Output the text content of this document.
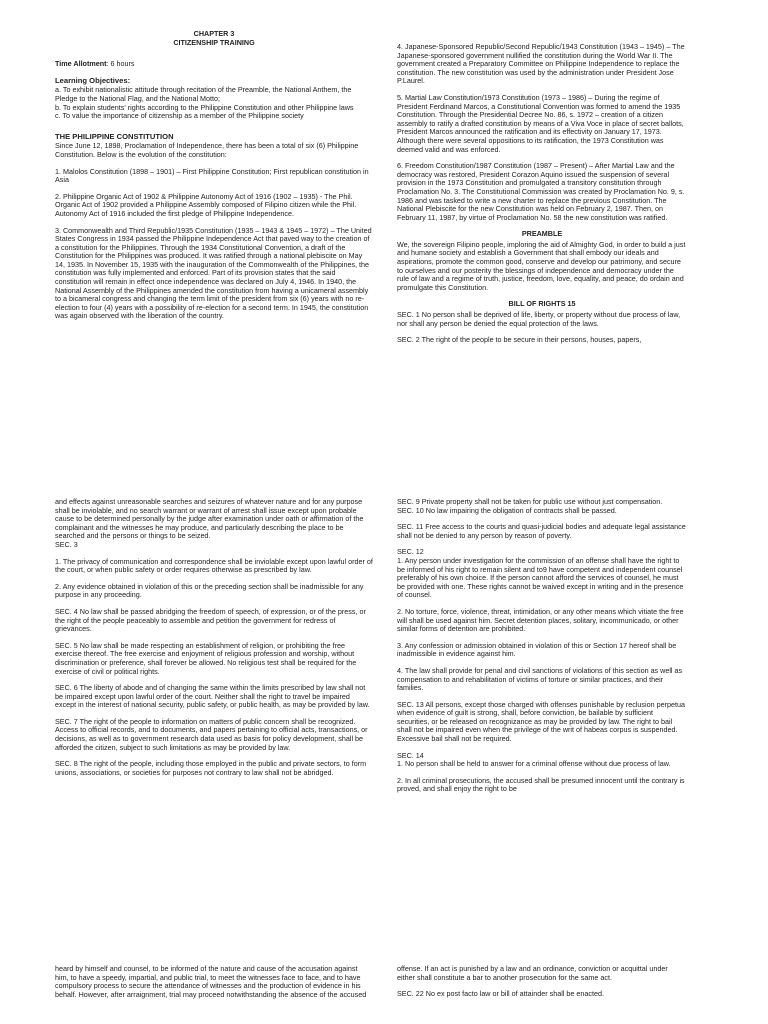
CHAPTER 3
CITIZENSHIP TRAINING
Time Allotment: 6 hours
Learning Objectives:
a. To exhibit nationalistic attitude through recitation of the Preamble, the National Anthem, the Pledge to the National Flag, and the National Motto;
b. To explain students' rights according to the Philippine Constitution and other Philippine laws
c. To value the importance of citizenship as a member of the Philippine society
THE PHILIPPINE CONSTITUTION

Since June 12, 1898, Proclamation of Independence, there has been a total of six (6) Philippine Constitution. Below is the evolution of the constitution:

1. Malolos Constitution (1898 – 1901) – First Philippine Constitution; First republican constitution in Asia

2. Philippine Organic Act of 1902 & Philippine Autonomy Act of 1916 (1902 – 1935) - The Phil. Organic Act of 1902 provided a Philippine Assembly composed of Filipino citizen while the Phil. Autonomy Act of 1916 included the first pledge of Philippine Independence.

3. Commonwealth and Third Republic/1935 Constitution (1935 – 1943 & 1945 – 1972) – The United States Congress in 1934 passed the Philippine Independence Act that paved way to the creation of a constitution for the Philippines. Through the 1934 Constitutional Convention, a draft of the Constitution for the Philippines was produced. It was ratified through a national plebiscite on May 14, 1935. In November 15, 1935 with the inauguration of the Commonwealth of the Philippines, the constitution was fully implemented and enforced. Part of its provision states that the said constitution will remain in effect once independence was declared on July 4, 1946. In 1940, the National Assembly of the Philippines amended the constitution from having a unicameral assembly to a bicameral congress and changing the term limit of the president from six (6) years with no re- election to four (4) years with a possibility of re-election for a second term. In 1945, the constitution was again observed with the liberation of the country.

4. Japanese-Sponsored Republic/Second Republic/1943 Constitution (1943 – 1945) – The Japanese-sponsored government nullified the constitution during the World War II. The government created a Preparatory Committee on Philippine Independence to replace the constitution. The new constitution was used by the administration under President Jose P.Laurel.

5. Martial Law Constitution/1973 Constitution (1973 – 1986) – During the regime of President Ferdinand Marcos, a Constitutional Convention was formed to amend the 1935 Constitution. Through the Presidential Decree No. 86, s. 1972 – creation of a citizen assembly to ratify a drafted constitution by means of a Viva Voce in place of secret ballots, President Marcos announced the ratification and its effectivity on January 17, 1973. Although there were several oppositions to its ratification, the 1973 Constitution was deemed valid and was enforced.

6. Freedom Constitution/1987 Constitution (1987 – Present) – After Martial Law and the democracy was restored, President Corazon Aquino issued the suspension of several provision in the 1973 Constitution and promulgated a transitory constitution through Proclamation No. 3. The Constitutional Commission was created by Proclamation No. 9, s. 1986 and was tasked to write a new charter to replace the previous Constitution. The National Plebiscite for the new Constitution was held on February 2, 1987. Then, on February 11, 1987, by virtue of Proclamation No. 58 the new constitution was ratified.

PREAMBLE

We, the sovereign Filipino people, imploring the aid of Almighty God, in order to build a just and humane society and establish a Government that shall embody our ideals and aspirations, promote the common good, conserve and develop our patrimony, and secure to ourselves and our posterity the blessings of independence and democracy under the rule of law and a regime of truth, justice, freedom, love, equality, and peace, do ordain and promulgate this Constitution.

BILL OF RIGHTS 15

SEC. 1 No person shall be deprived of life, liberty, or property without due process of law, nor shall any person be denied the equal protection of the laws.

SEC. 2 The right of the people to be secure in their persons, houses, papers,

and effects against unreasonable searches and seizures of whatever nature and for any purpose shall be inviolable, and no search warrant or warrant of arrest shall issue except upon probable cause to be determined personally by the judge after examination under oath or affirmation of the complainant and the witnesses he may produce, and particularly describing the place to be searched and the persons or things to be seized.
SEC. 3

1. The privacy of communication and correspondence shall be inviolable except upon lawful order of the court, or when public safety or order requires otherwise as prescribed by law.

2. Any evidence obtained in violation of this or the preceding section shall be inadmissible for any purpose in any proceeding.

SEC. 4 No law shall be passed abridging the freedom of speech, of expression, or of the press, or the right of the people peaceably to assemble and petition the government for redress of grievances.

SEC. 5 No law shall be made respecting an establishment of religion, or prohibiting the free exercise thereof. The free exercise and enjoyment of religious profession and worship, without discrimination or preference, shall forever be allowed. No religious test shall be required for the exercise of civil or political rights.

SEC. 6 The liberty of abode and of changing the same within the limits prescribed by law shall not be impaired except upon lawful order of the court. Neither shall the right to travel be impaired except in the interest of national security, public safety, or public health, as may be provided by law.

SEC. 7 The right of the people to information on matters of public concern shall be recognized. Access to official records, and to documents, and papers pertaining to official acts, transactions, or decisions, as well as to government research data used as basis for policy development, shall be afforded the citizen, subject to such limitations as may be provided by law.

SEC. 8 The right of the people, including those employed in the public and private sectors, to form unions, associations, or societies for purposes not contrary to law shall not be abridged.

SEC. 9 Private property shall not be taken for public use without just compensation.
SEC. 10 No law impairing the obligation of contracts shall be passed.

SEC. 11 Free access to the courts and quasi-judicial bodies and adequate legal assistance shall not be denied to any person by reason of poverty.

SEC. 12
1. Any person under investigation for the commission of an offense shall have the right to be informed of his right to remain silent and to9 have competent and independent counsel preferably of his own choice. If the person cannot afford the services of counsel, he must be provided with one. These rights cannot be waived except in writing and in the presence of counsel.

2. No torture, force, violence, threat, intimidation, or any other means which vitiate the free will shall be used against him. Secret detention places, solitary, incommunicado, or other similar forms of detention are prohibited.

3. Any confession or admission obtained in violation of this or Section 17 hereof shall be inadmissible in evidence against him.

4. The law shall provide for penal and civil sanctions of violations of this section as well as compensation to and rehabilitation of victims of torture or similar practices, and their families.

SEC. 13 All persons, except those charged with offenses punishable by reclusion perpetua when evidence of guilt is strong, shall, before conviction, be bailable by sufficient securities, or be released on recognizance as may be provided by law. The right to bail shall not be impaired even when the privilege of the writ of habeas corpus is suspended. Excessive bail shall not be required.

SEC. 14
1. No person shall be held to answer for a criminal offense without due process of law.

2. In all criminal prosecutions, the accused shall be presumed innocent until the contrary is proved, and shall enjoy the right to be

heard by himself and counsel, to be informed of the nature and cause of the accusation against him, to have a speedy, impartial, and public trial, to meet the witnesses face to face, and to have compulsory process to secure the attendance of witnesses and the production of evidence in his behalf. However, after arraignment, trial may proceed notwithstanding the absence of the accused

offense. If an act is punished by a law and an ordinance, conviction or acquittal under either shall constitute a bar to another prosecution for the same act.

SEC. 22 No ex post facto law or bill of attainder shall be enacted.
